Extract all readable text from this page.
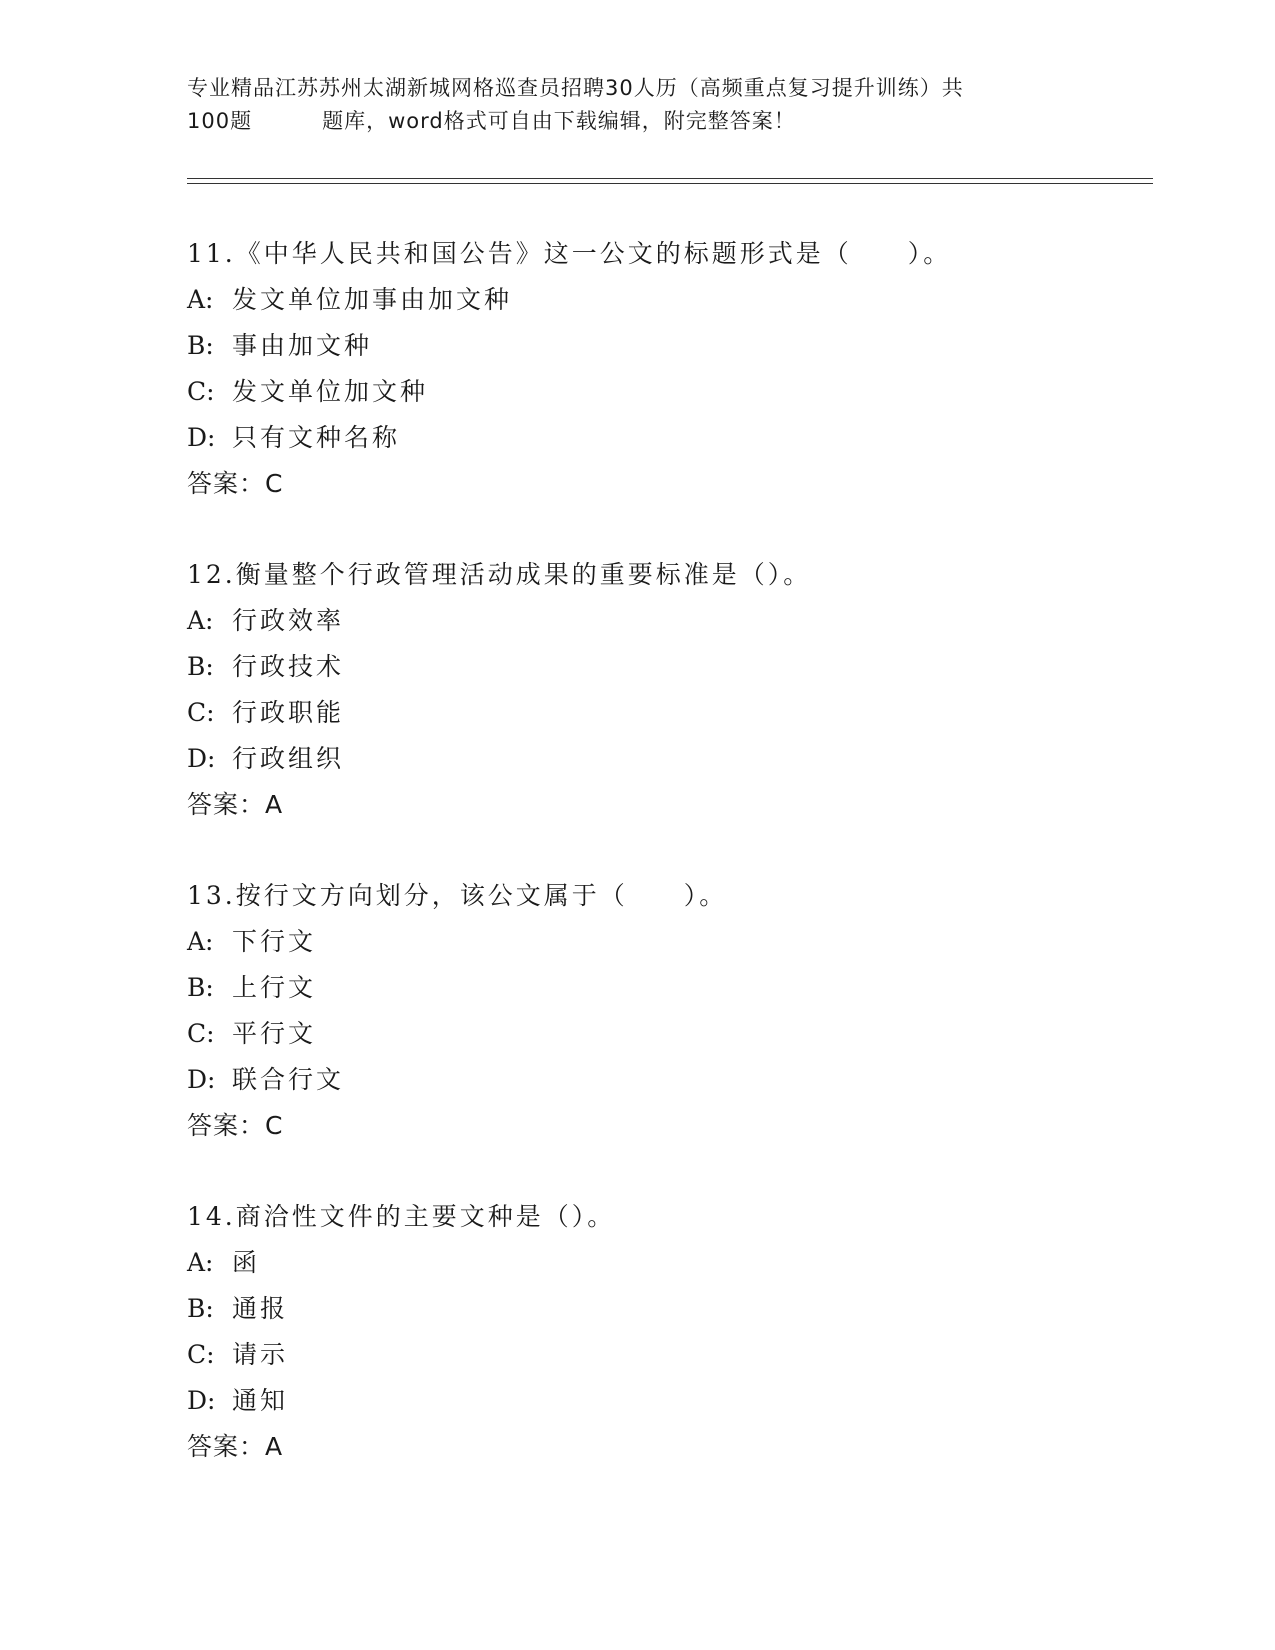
专业精品江苏苏州太湖新城网格巡查员招聘30人历（高频重点复习提升训练）共
100题	题库，word格式可自由下载编辑，附完整答案！
11.《中华人民共和国公告》这一公文的标题形式是（　　）。
A: 发文单位加事由加文种
B: 事由加文种
C: 发文单位加文种
D: 只有文种名称
答案：C
12.衡量整个行政管理活动成果的重要标准是（）。
A: 行政效率
B: 行政技术
C: 行政职能
D: 行政组织
答案：A
13.按行文方向划分，该公文属于（　　）。
A: 下行文
B: 上行文
C: 平行文
D: 联合行文
答案：C
14.商洽性文件的主要文种是（）。
A: 函
B: 通报
C: 请示
D: 通知
答案：A
